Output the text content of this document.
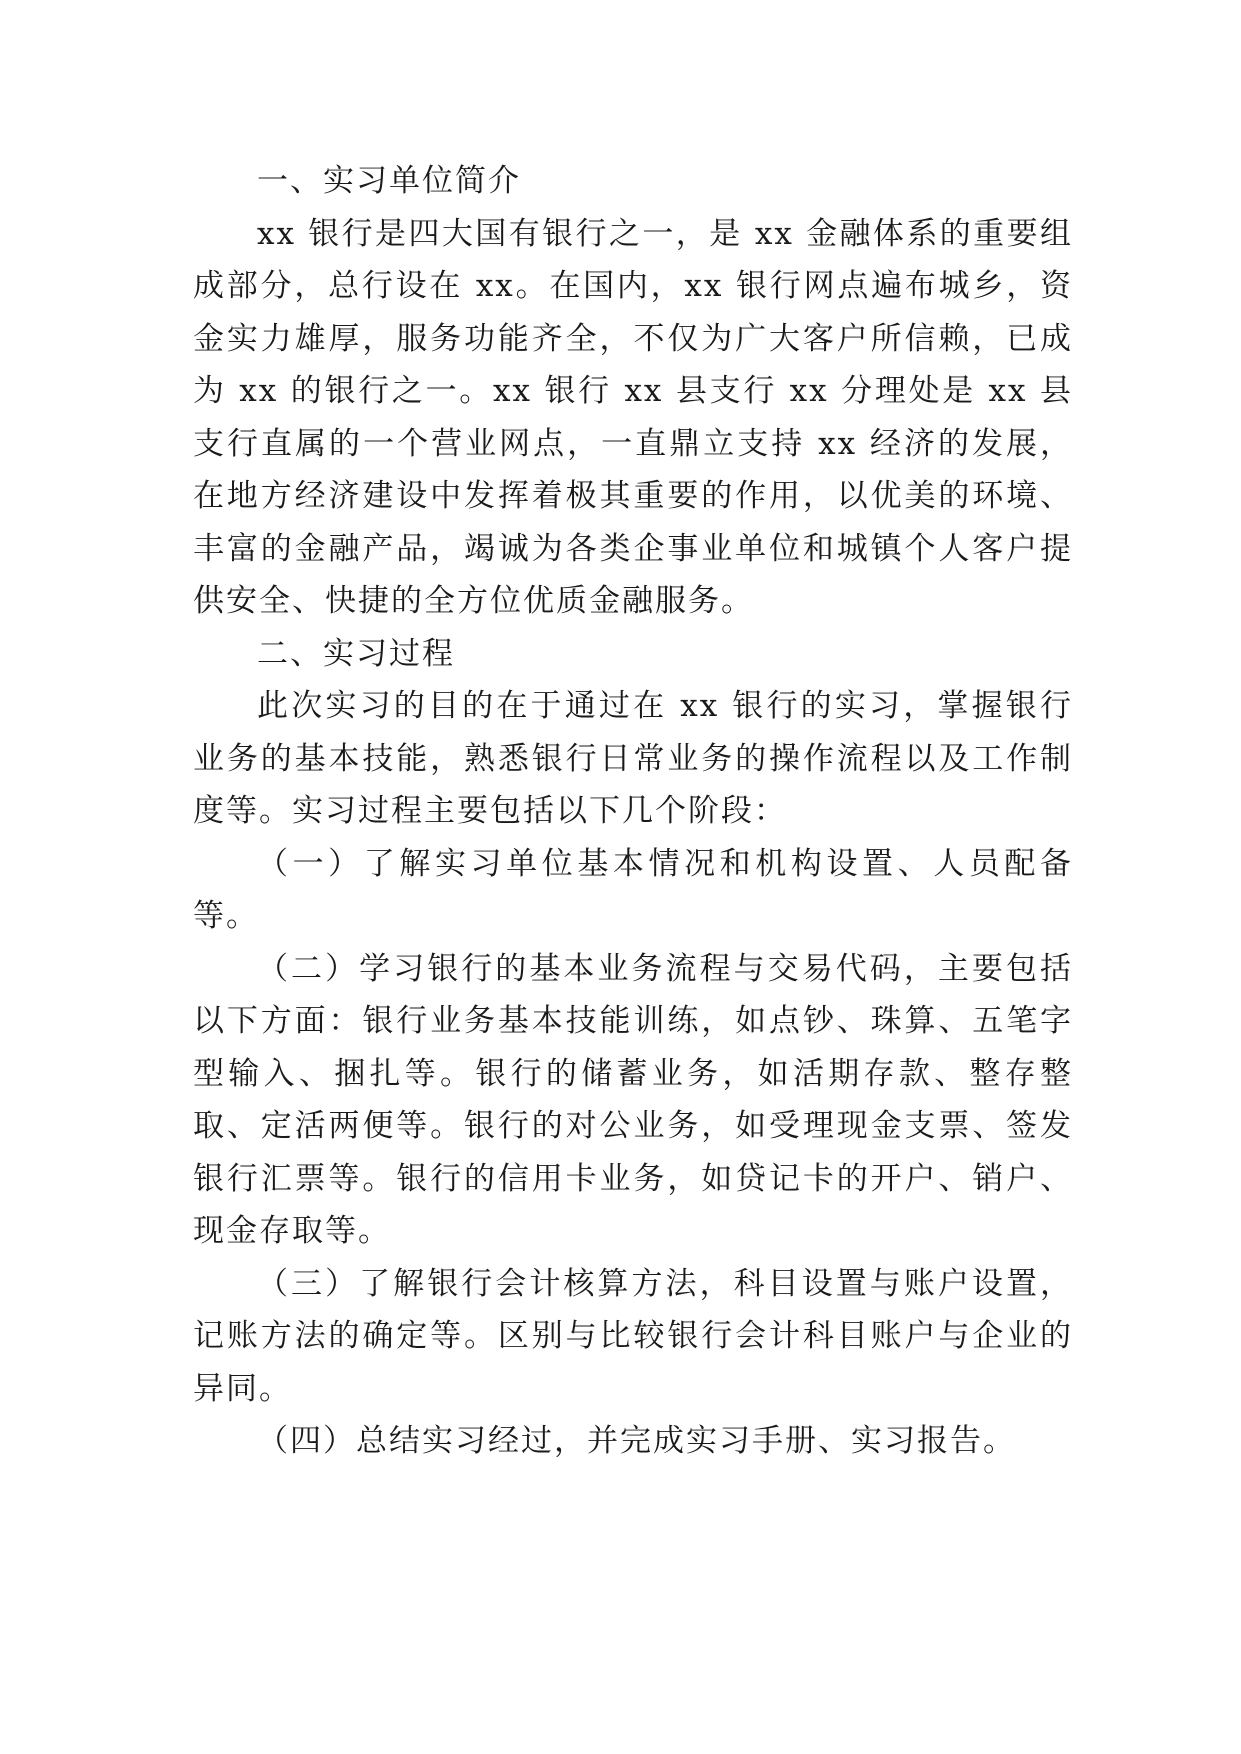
一、实习单位简介

xx 银行是四大国有银行之一，是 xx 金融体系的重要组成部分，总行设在 xx。在国内，xx 银行网点遍布城乡，资金实力雄厚，服务功能齐全，不仅为广大客户所信赖，已成为 xx 的银行之一。xx 银行 xx 县支行 xx 分理处是 xx 县支行直属的一个营业网点，一直鼎立支持 xx 经济的发展，在地方经济建设中发挥着极其重要的作用，以优美的环境、丰富的金融产品，竭诚为各类企事业单位和城镇个人客户提供安全、快捷的全方位优质金融服务。

二、实习过程

此次实习的目的在于通过在 xx 银行的实习，掌握银行业务的基本技能，熟悉银行日常业务的操作流程以及工作制度等。实习过程主要包括以下几个阶段：

（一）了解实习单位基本情况和机构设置、人员配备等。

（二）学习银行的基本业务流程与交易代码，主要包括以下方面：银行业务基本技能训练，如点钞、珠算、五笔字型输入、捆扎等。银行的储蓄业务，如活期存款、整存整取、定活两便等。银行的对公业务，如受理现金支票、签发银行汇票等。银行的信用卡业务，如贷记卡的开户、销户、现金存取等。

（三）了解银行会计核算方法，科目设置与账户设置，记账方法的确定等。区别与比较银行会计科目账户与企业的异同。

（四）总结实习经过，并完成实习手册、实习报告。
